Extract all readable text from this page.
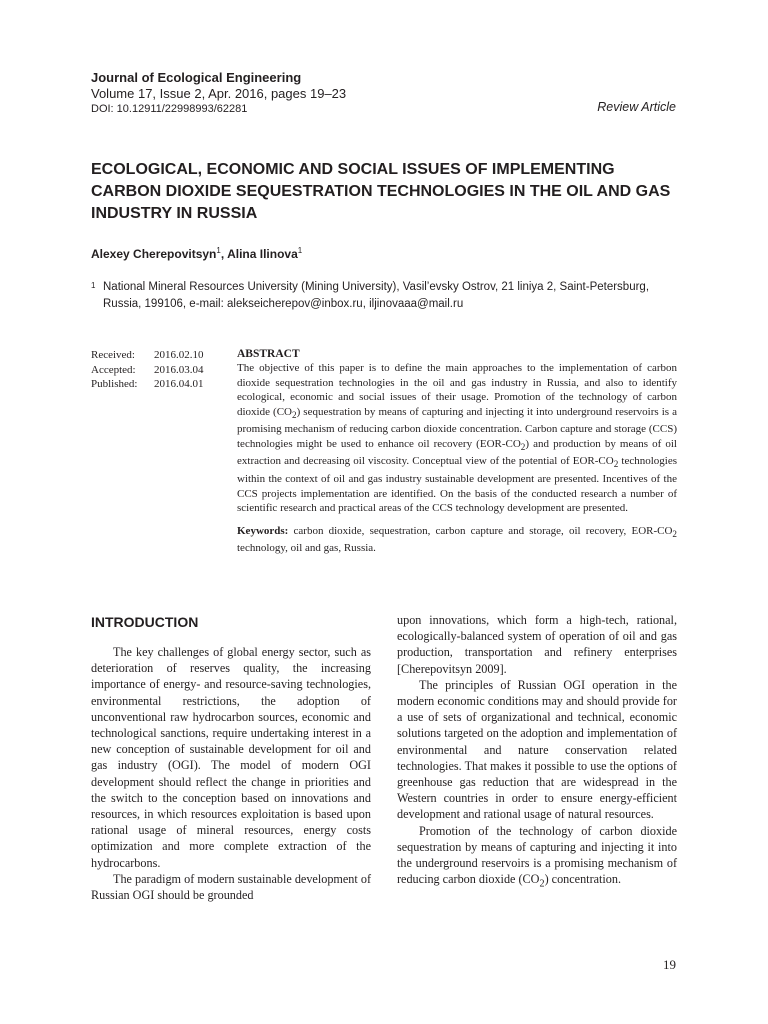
Journal of Ecological Engineering
Volume 17, Issue 2, Apr. 2016, pages 19–23
DOI: 10.12911/22998993/62281	Review Article
ECOLOGICAL, ECONOMIC AND SOCIAL ISSUES OF IMPLEMENTING CARBON DIOXIDE SEQUESTRATION TECHNOLOGIES IN THE OIL AND GAS INDUSTRY IN RUSSIA
Alexey Cherepovitsyn$^1$, Alina Ilinova$^1$
1 National Mineral Resources University (Mining University), Vasil’evsky Ostrov, 21 liniya 2, Saint-Petersburg, Russia, 199106, e-mail: alekseicherepov@inbox.ru, iljinovaaa@mail.ru
Received:	2016.02.10
Accepted:	2016.03.04
Published:	2016.04.01
ABSTRACT
The objective of this paper is to define the main approaches to the implementation of carbon dioxide sequestration technologies in the oil and gas industry in Russia, and also to identify ecological, economic and social issues of their usage. Promotion of the technology of carbon dioxide $(CO_2)$ sequestration by means of capturing and injecting it into underground reservoirs is a promising mechanism of reducing carbon dioxide concentration. Carbon capture and storage (CCS) technologies might be used to enhance oil recovery $(EOR-CO_2)$ and production by means of oil extraction and decreasing oil viscosity. Conceptual view of the potential of EOR-$CO_2$ technologies within the context of oil and gas industry sustainable development are presented. Incentives of the CCS projects implementation are identified. On the basis of the conducted research a number of scientific research and practical areas of the CCS technology development are presented.
Keywords: carbon dioxide, sequestration, carbon capture and storage, oil recovery, EOR-$CO_2$ technology, oil and gas, Russia.
INTRODUCTION

The key challenges of global energy sector, such as deterioration of reserves quality, the increasing importance of energy- and resource-saving technologies, environmental restrictions, the adoption of unconventional raw hydrocarbon sources, economic and technological sanctions, require undertaking interest in a new conception of sustainable development for oil and gas industry (OGI). The model of modern OGI development should reflect the change in priorities and the switch to the conception based on innovations and resources, in which resources exploitation is based upon rational usage of mineral resources, energy costs optimization and more complete extraction of the hydrocarbons.

The paradigm of modern sustainable development of Russian OGI should be grounded

upon innovations, which form a high-tech, rational, ecologically-balanced system of operation of oil and gas production, transportation and refinery enterprises [Cherepovitsyn 2009].

The principles of Russian OGI operation in the modern economic conditions may and should provide for a use of sets of organizational and technical, economic solutions targeted on the adoption and implementation of environmental and nature conservation related technologies. That makes it possible to use the options of greenhouse gas reduction that are widespread in the Western countries in order to ensure energy-efficient development and rational usage of natural resources.

Promotion of the technology of carbon dioxide sequestration by means of capturing and injecting it into the underground reservoirs is a promising mechanism of reducing carbon dioxide $(CO_2)$ concentration.

19
